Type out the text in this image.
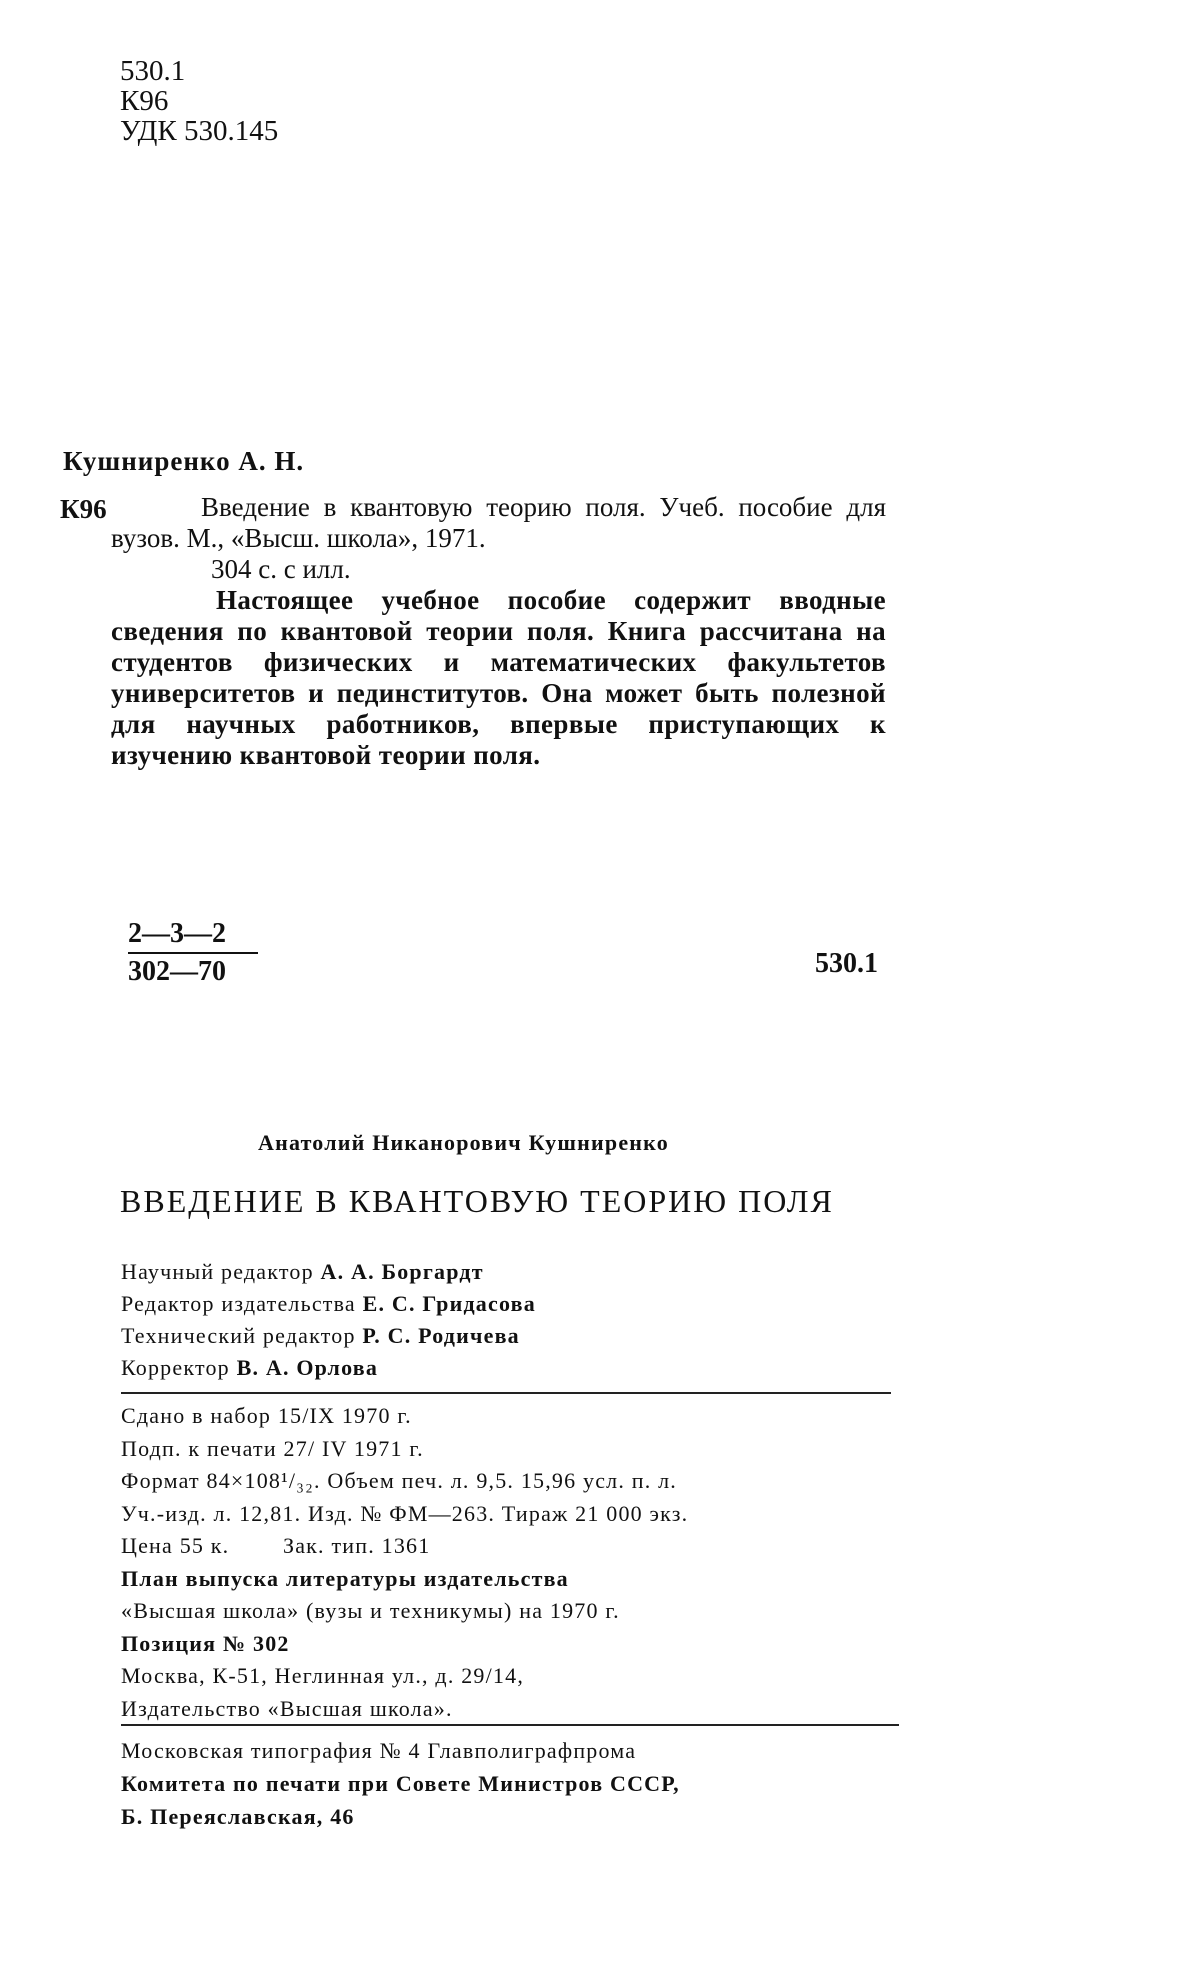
530.1
К96
УДК 530.145
Кушниренко А. Н.
К96	Введение в квантовую теорию поля. Учеб. пособие для вузов. М., «Высш. школа», 1971.

304 с. с илл.

Настоящее учебное пособие содержит вводные сведения по квантовой теории поля. Книга рассчитана на студентов физических и математических факультетов университетов и пединститутов. Она может быть полезной для научных работников, впервые приступающих к изучению квантовой теории поля.

$\frac{2—3—2}{302—70}$	530.1
Анатолий Никанорович Кушниренко
ВВЕДЕНИЕ В КВАНТОВУЮ ТЕОРИЮ ПОЛЯ
Научный редактор А. А. Боргардт
Редактор издательства Е. С. Гридасова
Технический редактор Р. С. Родичева
Корректор В. А. Орлова
Сдано в набор 15/IX 1970 г.
Подп. к печати 27/ IV 1971 г.
Формат 84×108¹/₃₂. Объем печ. л. 9,5. 15,96 усл. п. л.
Уч.-изд. л. 12,81. Изд. № ФМ—263. Тираж 21 000 экз.
Цена 55 к.        Зак. тип. 1361
План выпуска литературы издательства
«Высшая школа» (вузы и техникумы) на 1970 г.
Позиция № 302
Москва, К-51, Неглинная ул., д. 29/14,
Издательство «Высшая школа».
Московская типография № 4 Главполиграфпрома
Комитета по печати при Совете Министров СССР,
Б. Переяславская, 46
